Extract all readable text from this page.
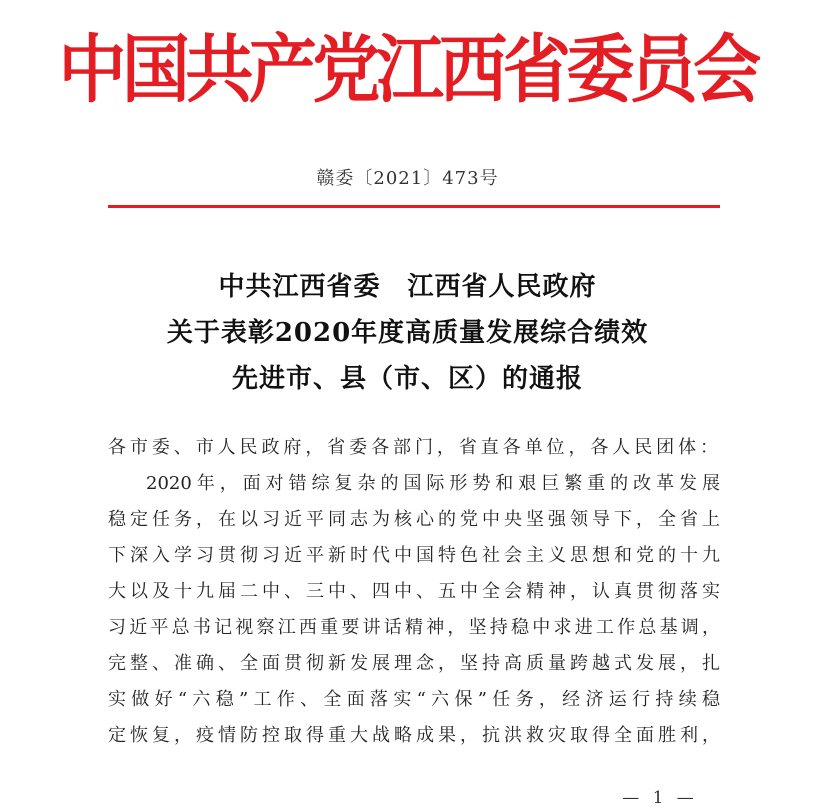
中国共产党江西省委员会
赣委〔2021〕473号
中共江西省委　江西省人民政府
关于表彰2020年度高质量发展综合绩效
先进市、县（市、区）的通报
各市委、市人民政府，省委各部门，省直各单位，各人民团体：
2020年，面对错综复杂的国际形势和艰巨繁重的改革发展
稳定任务，在以习近平同志为核心的党中央坚强领导下，全省上
下深入学习贯彻习近平新时代中国特色社会主义思想和党的十九
大以及十九届二中、三中、四中、五中全会精神，认真贯彻落实
习近平总书记视察江西重要讲话精神，坚持稳中求进工作总基调，
完整、准确、全面贯彻新发展理念，坚持高质量跨越式发展，扎
实做好“六稳”工作、全面落实“六保”任务，经济运行持续稳
定恢复，疫情防控取得重大战略成果，抗洪救灾取得全面胜利，
— 1 —
